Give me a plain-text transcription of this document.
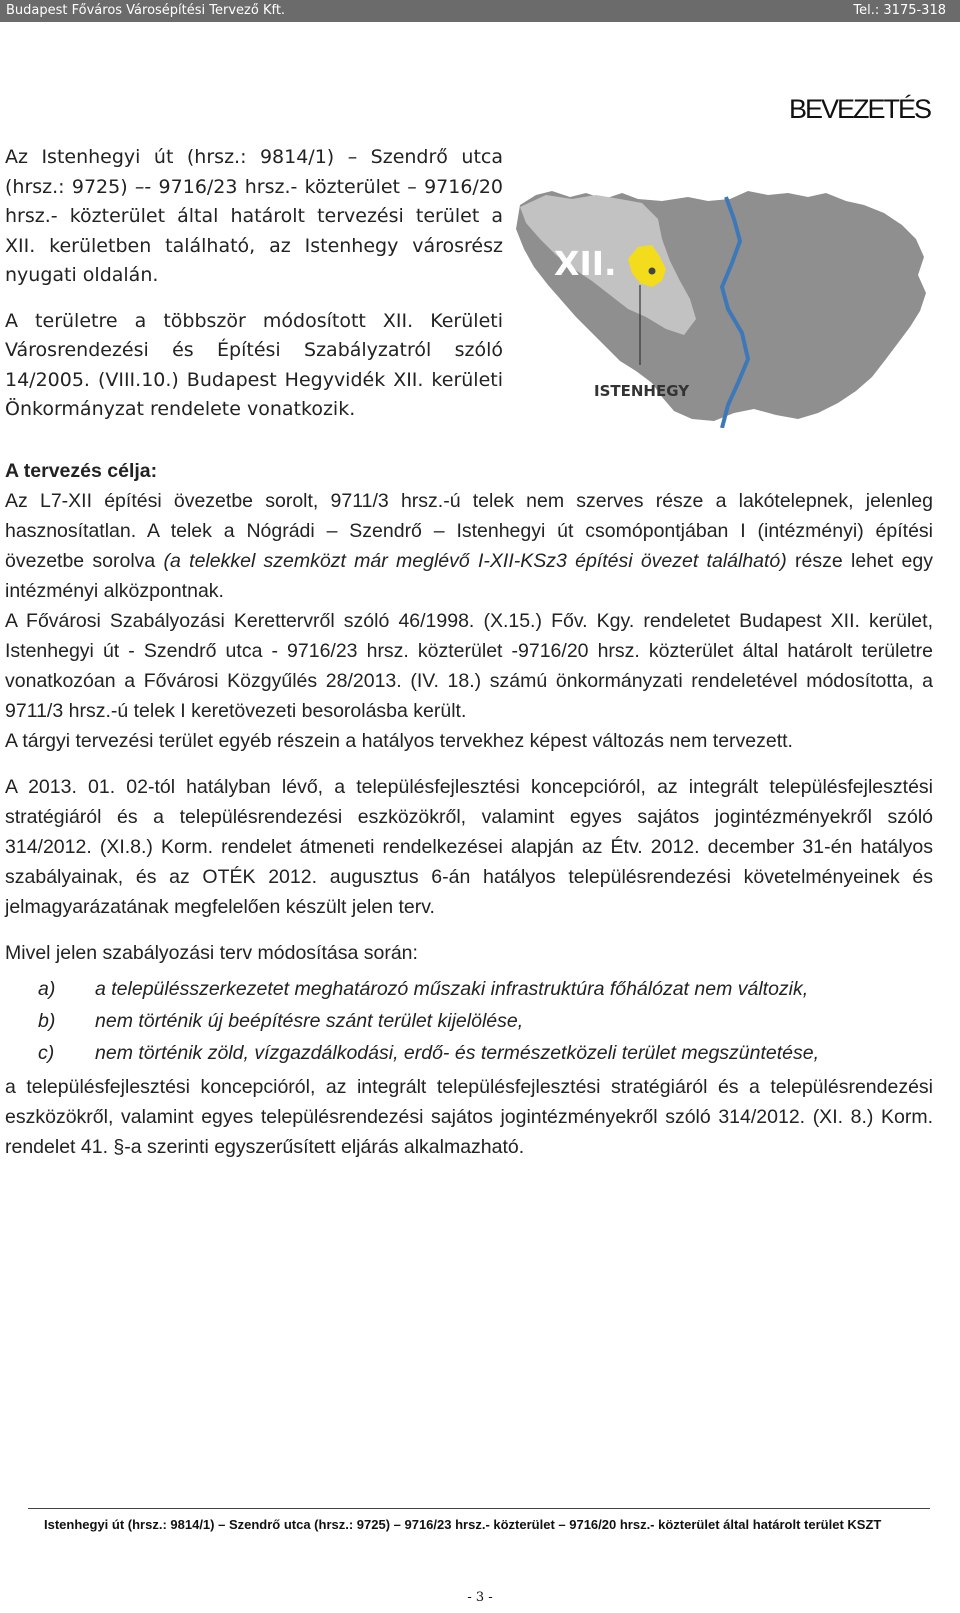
Budapest Főváros Városépítési Tervező Kft.	Tel.: 3175-318
BEVEZETÉS

Az Istenhegyi út (hrsz.: 9814/1) – Szendrő utca (hrsz.: 9725) –- 9716/23 hrsz.- közterület – 9716/20 hrsz.- közterület által határolt tervezési terület a XII. kerületben található, az Istenhegy városrész nyugati oldalán.

A területre a többször módosított XII. Kerületi Városrendezési és Építési Szabályzatról szóló 14/2005. (VIII.10.) Budapest Hegyvidék XII. kerületi Önkormányzat rendelete vonatkozik.

XII.
ISTENHEGY

A tervezés célja:

Az L7-XII építési övezetbe sorolt, 9711/3 hrsz.-ú telek nem szerves része a lakótelepnek, jelenleg hasznosítatlan. A telek a Nógrádi – Szendrő – Istenhegyi út csomópontjában I (intézményi) építési övezetbe sorolva (a telekkel szemközt már meglévő I-XII-KSz3 építési övezet található) része lehet egy intézményi alközpontnak.

A Fővárosi Szabályozási Kerettervről szóló 46/1998. (X.15.) Főv. Kgy. rendeletet Budapest XII. kerület, Istenhegyi út - Szendrő utca - 9716/23 hrsz. közterület -9716/20 hrsz. közterület által határolt területre vonatkozóan a Fővárosi Közgyűlés 28/2013. (IV. 18.) számú önkormányzati rendeletével módosította, a 9711/3 hrsz.-ú telek I keretövezeti besorolásba került.

A tárgyi tervezési terület egyéb részein a hatályos tervekhez képest változás nem tervezett.

A 2013. 01. 02-tól hatályban lévő, a településfejlesztési koncepcióról, az integrált településfejlesztési stratégiáról és a településrendezési eszközökről, valamint egyes sajátos jogintézményekről szóló 314/2012. (XI.8.) Korm. rendelet átmeneti rendelkezései alapján az Étv. 2012. december 31-én hatályos szabályainak, és az OTÉK 2012. augusztus 6-án hatályos településrendezési követelményeinek és jelmagyarázatának megfelelően készült jelen terv.

Mivel jelen szabályozási terv módosítása során:

a) a településszerkezetet meghatározó műszaki infrastruktúra főhálózat nem változik,
b) nem történik új beépítésre szánt terület kijelölése,
c) nem történik zöld, vízgazdálkodási, erdő- és természetközeli terület megszüntetése,

a településfejlesztési koncepcióról, az integrált településfejlesztési stratégiáról és a településrendezési eszközökről, valamint egyes településrendezési sajátos jogintézményekről szóló 314/2012. (XI. 8.) Korm. rendelet 41. §-a szerinti egyszerűsített eljárás alkalmazható.

Istenhegyi út (hrsz.: 9814/1) – Szendrő utca (hrsz.: 9725) – 9716/23 hrsz.- közterület – 9716/20 hrsz.- közterület által határolt terület KSZT
- 3 -
